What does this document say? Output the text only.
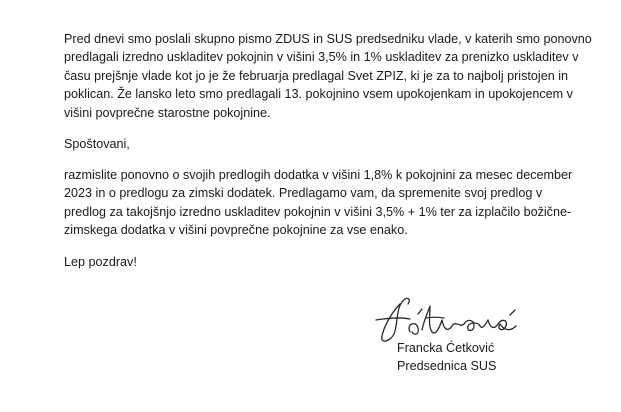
Pred dnevi smo poslali skupno pismo ZDUS in SUS predsedniku vlade, v katerih smo ponovno
predlagali izredno uskladitev pokojnin v višini 3,5% in 1% uskladitev za prenizko uskladitev v
času prejšnje vlade kot jo je že februarja predlagal Svet ZPIZ, ki je za to najbolj pristojen in
poklican. Že lansko leto smo predlagali 13. pokojnino vsem upokojenkam in upokojencem v
višini povprečne starostne pokojnine.
Spoštovani,
razmislite ponovno o svojih predlogih dodatka v višini 1,8% k pokojnini za mesec december
2023 in o predlogu za zimski dodatek. Predlagamo vam, da spremenite svoj predlog v
predlog za takojšnjo izredno uskladitev pokojnin v višini 3,5% + 1% ter za izplačilo božične-
zimskega dodatka v višini povprečne pokojnine za vse enako.
Lep pozdrav!
Francka Ćetković
Predsednica SUS
